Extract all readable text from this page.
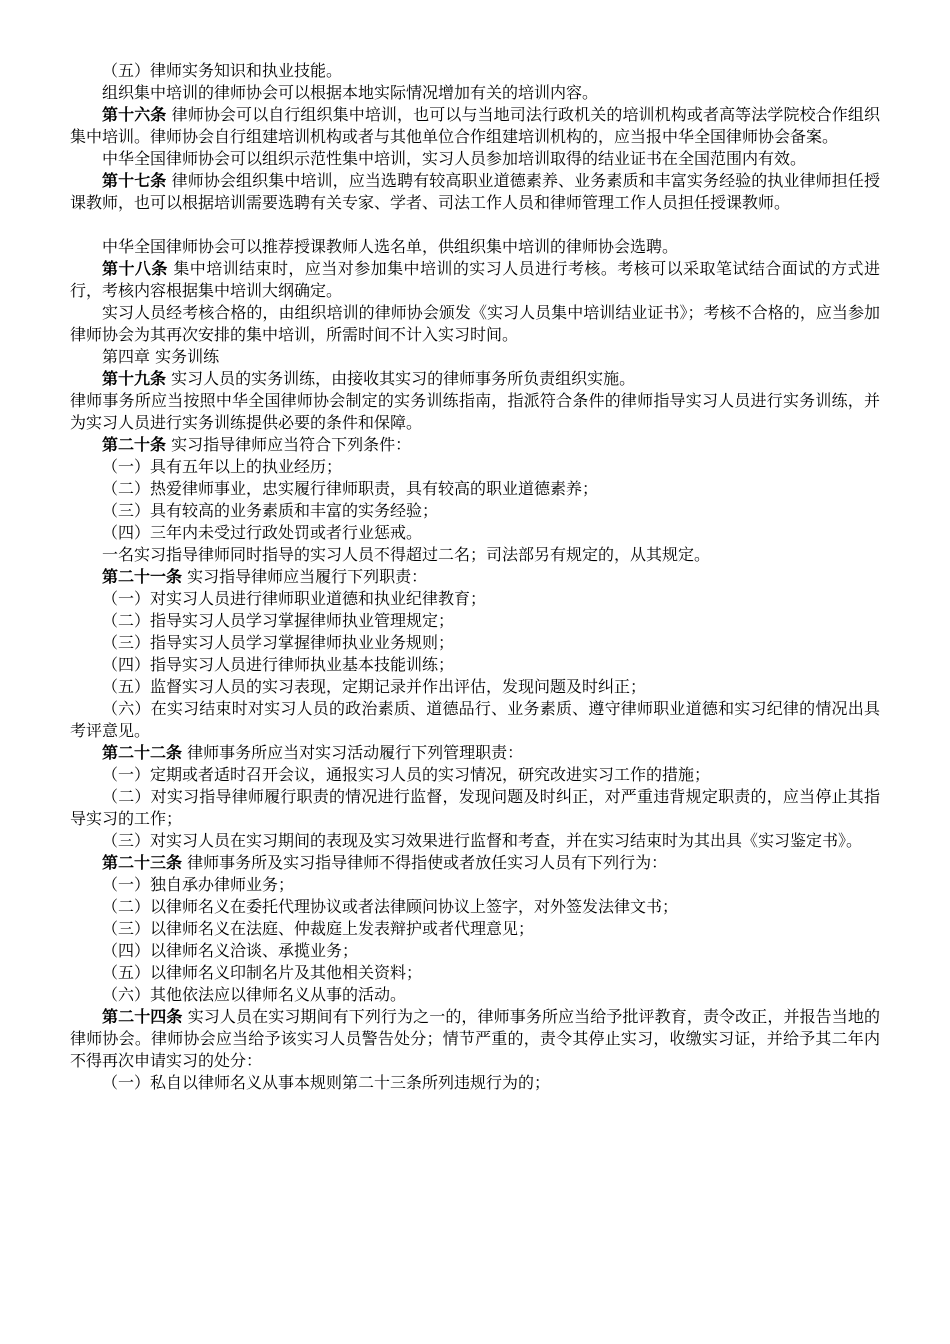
（五）律师实务知识和执业技能。

组织集中培训的律师协会可以根据本地实际情况增加有关的培训内容。

第十六条 律师协会可以自行组织集中培训，也可以与当地司法行政机关的培训机构或者高等法学院校合作组织集中培训。律师协会自行组建培训机构或者与其他单位合作组建培训机构的，应当报中华全国律师协会备案。

中华全国律师协会可以组织示范性集中培训，实习人员参加培训取得的结业证书在全国范围内有效。

第十七条 律师协会组织集中培训，应当选聘有较高职业道德素养、业务素质和丰富实务经验的执业律师担任授课教师，也可以根据培训需要选聘有关专家、学者、司法工作人员和律师管理工作人员担任授课教师。

中华全国律师协会可以推荐授课教师人选名单，供组织集中培训的律师协会选聘。

第十八条 集中培训结束时，应当对参加集中培训的实习人员进行考核。考核可以采取笔试结合面试的方式进行，考核内容根据集中培训大纲确定。

实习人员经考核合格的，由组织培训的律师协会颁发《实习人员集中培训结业证书》；考核不合格的，应当参加律师协会为其再次安排的集中培训，所需时间不计入实习时间。

第四章 实务训练

第十九条 实习人员的实务训练，由接收其实习的律师事务所负责组织实施。

律师事务所应当按照中华全国律师协会制定的实务训练指南，指派符合条件的律师指导实习人员进行实务训练，并为实习人员进行实务训练提供必要的条件和保障。

第二十条 实习指导律师应当符合下列条件：

（一）具有五年以上的执业经历；

（二）热爱律师事业，忠实履行律师职责，具有较高的职业道德素养；

（三）具有较高的业务素质和丰富的实务经验；

（四）三年内未受过行政处罚或者行业惩戒。

一名实习指导律师同时指导的实习人员不得超过二名；司法部另有规定的，从其规定。

第二十一条 实习指导律师应当履行下列职责：

（一）对实习人员进行律师职业道德和执业纪律教育；

（二）指导实习人员学习掌握律师执业管理规定；

（三）指导实习人员学习掌握律师执业业务规则；

（四）指导实习人员进行律师执业基本技能训练；

（五）监督实习人员的实习表现，定期记录并作出评估，发现问题及时纠正；

（六）在实习结束时对实习人员的政治素质、道德品行、业务素质、遵守律师职业道德和实习纪律的情况出具考评意见。

第二十二条 律师事务所应当对实习活动履行下列管理职责：

（一）定期或者适时召开会议，通报实习人员的实习情况，研究改进实习工作的措施；

（二）对实习指导律师履行职责的情况进行监督，发现问题及时纠正，对严重违背规定职责的，应当停止其指导实习的工作；

（三）对实习人员在实习期间的表现及实习效果进行监督和考查，并在实习结束时为其出具《实习鉴定书》。

第二十三条 律师事务所及实习指导律师不得指使或者放任实习人员有下列行为：

（一）独自承办律师业务；

（二）以律师名义在委托代理协议或者法律顾问协议上签字，对外签发法律文书；

（三）以律师名义在法庭、仲裁庭上发表辩护或者代理意见；

（四）以律师名义洽谈、承揽业务；

（五）以律师名义印制名片及其他相关资料；

（六）其他依法应以律师名义从事的活动。

第二十四条 实习人员在实习期间有下列行为之一的，律师事务所应当给予批评教育，责令改正，并报告当地的律师协会。律师协会应当给予该实习人员警告处分；情节严重的，责令其停止实习，收缴实习证，并给予其二年内不得再次申请实习的处分：

（一）私自以律师名义从事本规则第二十三条所列违规行为的；
